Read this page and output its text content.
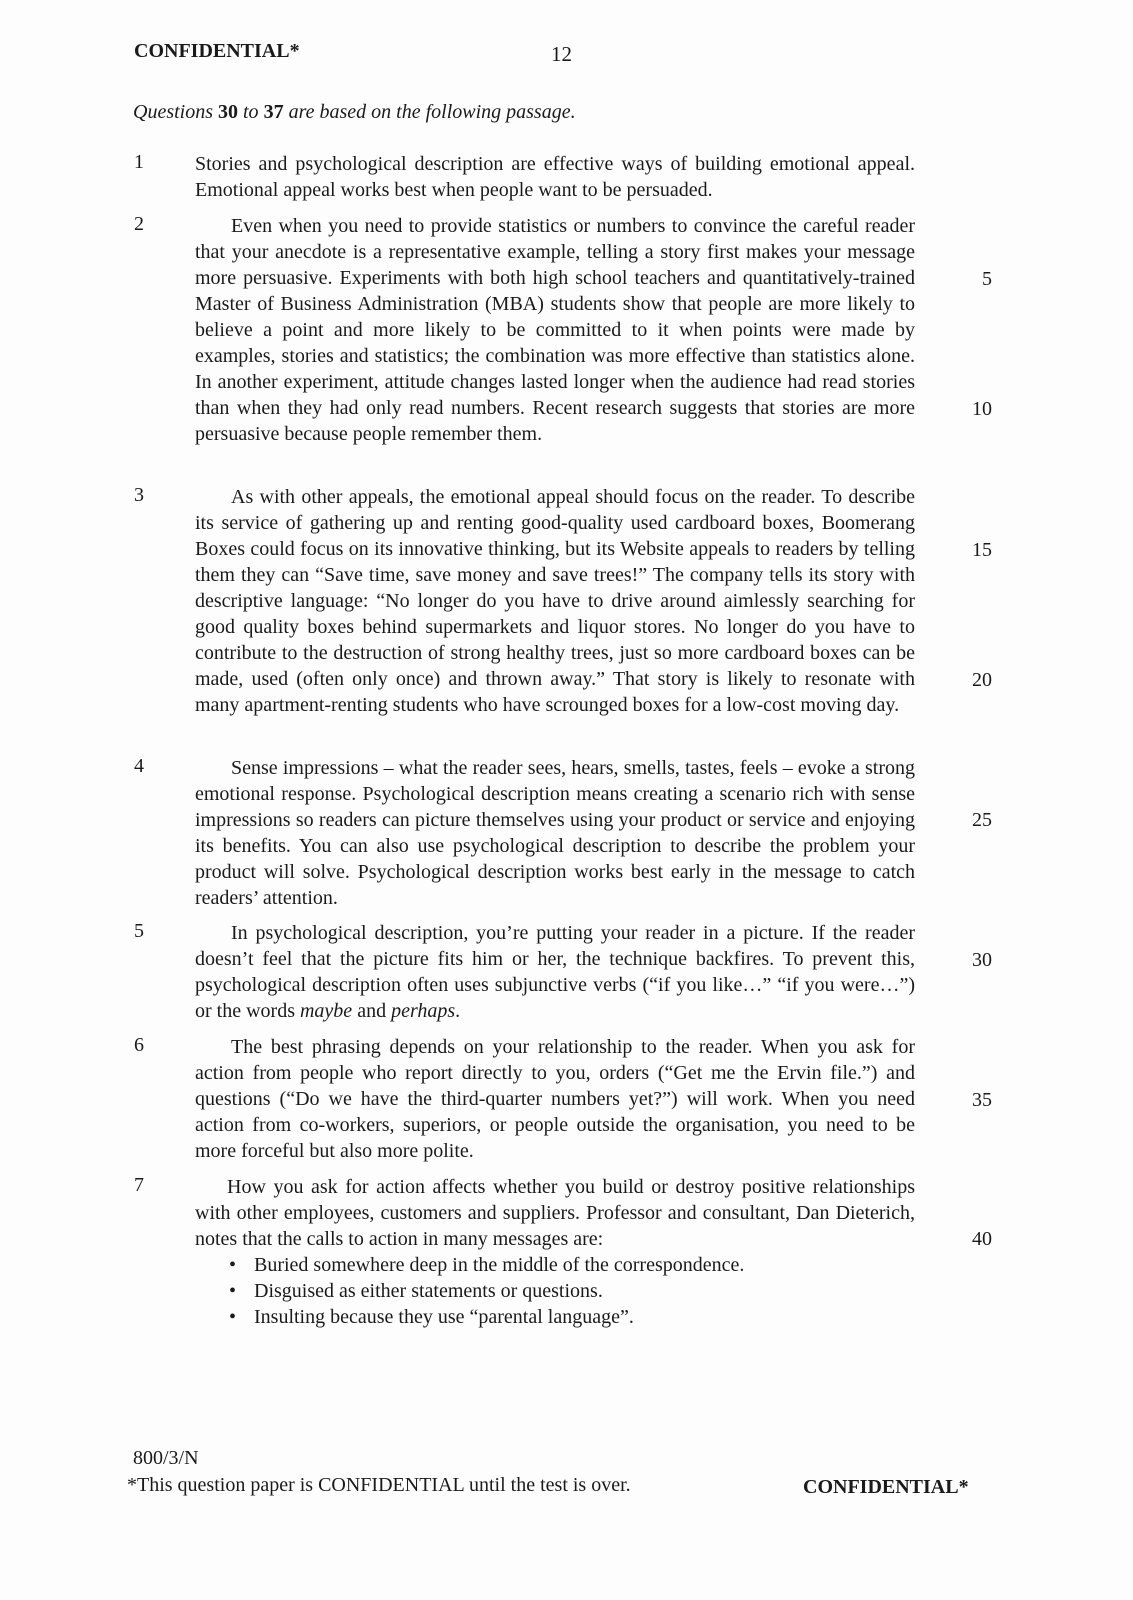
CONFIDENTIAL*	12
Questions 30 to 37 are based on the following passage.
1	Stories and psychological description are effective ways of building emotional appeal. Emotional appeal works best when people want to be persuaded.
2	Even when you need to provide statistics or numbers to convince the careful reader that your anecdote is a representative example, telling a story first makes your message more persuasive. Experiments with both high school teachers and quantitatively-trained Master of Business Administration (MBA) students show that people are more likely to believe a point and more likely to be committed to it when points were made by examples, stories and statistics; the combination was more effective than statistics alone. In another experiment, attitude changes lasted longer when the audience had read stories than when they had only read numbers. Recent research suggests that stories are more persuasive because people remember them.
3	As with other appeals, the emotional appeal should focus on the reader. To describe its service of gathering up and renting good-quality used cardboard boxes, Boomerang Boxes could focus on its innovative thinking, but its Website appeals to readers by telling them they can “Save time, save money and save trees!” The company tells its story with descriptive language: “No longer do you have to drive around aimlessly searching for good quality boxes behind supermarkets and liquor stores. No longer do you have to contribute to the destruction of strong healthy trees, just so more cardboard boxes can be made, used (often only once) and thrown away.” That story is likely to resonate with many apartment-renting students who have scrounged boxes for a low-cost moving day.
4	Sense impressions – what the reader sees, hears, smells, tastes, feels – evoke a strong emotional response. Psychological description means creating a scenario rich with sense impressions so readers can picture themselves using your product or service and enjoying its benefits. You can also use psychological description to describe the problem your product will solve. Psychological description works best early in the message to catch readers’ attention.
5	In psychological description, you’re putting your reader in a picture. If the reader doesn’t feel that the picture fits him or her, the technique backfires. To prevent this, psychological description often uses subjunctive verbs (“if you like…” “if you were…”) or the words maybe and perhaps.
6	The best phrasing depends on your relationship to the reader. When you ask for action from people who report directly to you, orders (“Get me the Ervin file.”) and questions (“Do we have the third-quarter numbers yet?”) will work. When you need action from co-workers, superiors, or people outside the organisation, you need to be more forceful but also more polite.
7	How you ask for action affects whether you build or destroy positive relationships with other employees, customers and suppliers. Professor and consultant, Dan Dieterich, notes that the calls to action in many messages are:
• Buried somewhere deep in the middle of the correspondence.
• Disguised as either statements or questions.
• Insulting because they use “parental language”.
5
10
15
20
25
30
35
40
800/3/N
*This question paper is CONFIDENTIAL until the test is over.	CONFIDENTIAL*
